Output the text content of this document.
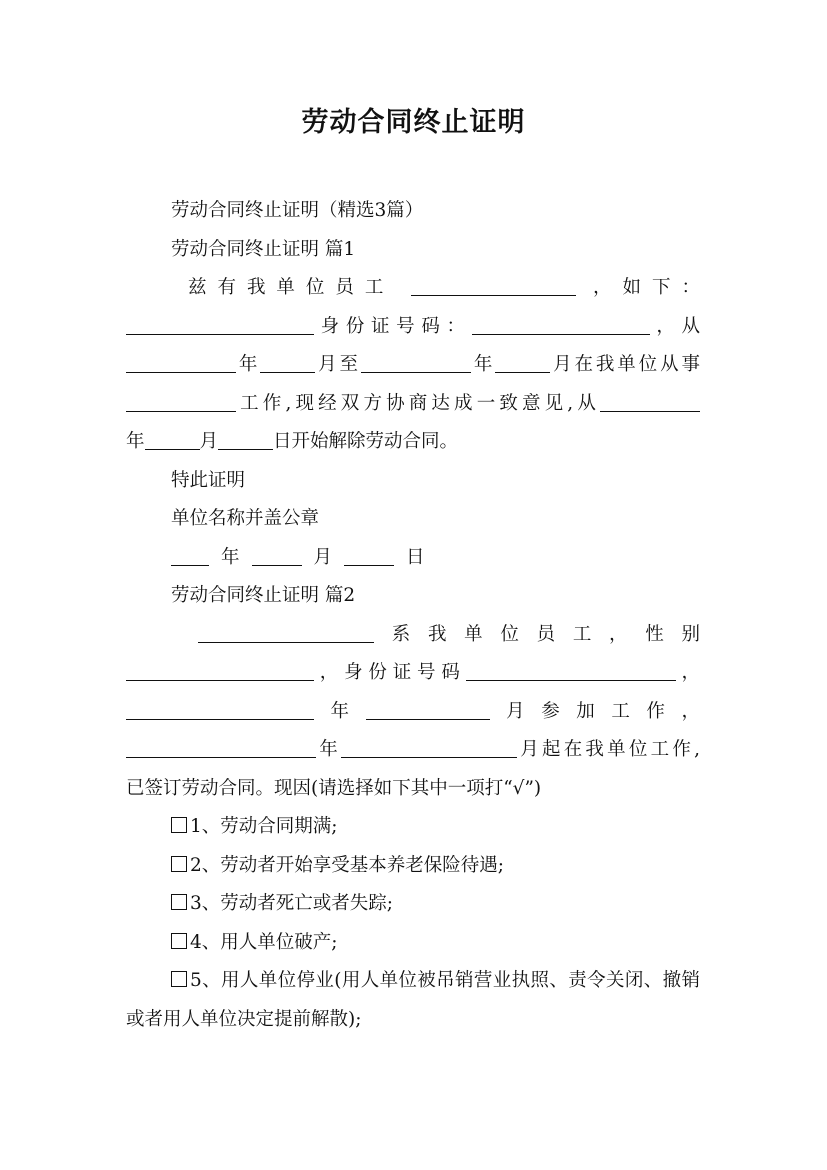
劳动合同终止证明

劳动合同终止证明（精选3篇）

劳动合同终止证明 篇1

兹有我单位员工	，如下：

身份证号码：	，从

年	月至	年	月在我单位从事

工作,现经双方协商达成一致意见,从

年	月	日开始解除劳动合同。

特此证明

单位名称并盖公章

年	月	日

劳动合同终止证明 篇2

系我单位员工，性别

，身份证号码	，

年	月参加工作，

年	月起在我单位工作,

已签订劳动合同。现因(请选择如下其中一项打“√”)

1、劳动合同期满;

2、劳动者开始享受基本养老保险待遇;

3、劳动者死亡或者失踪;

4、用人单位破产;

5、用人单位停业(用人单位被吊销营业执照、责令关闭、撤销或者用人单位决定提前解散);
